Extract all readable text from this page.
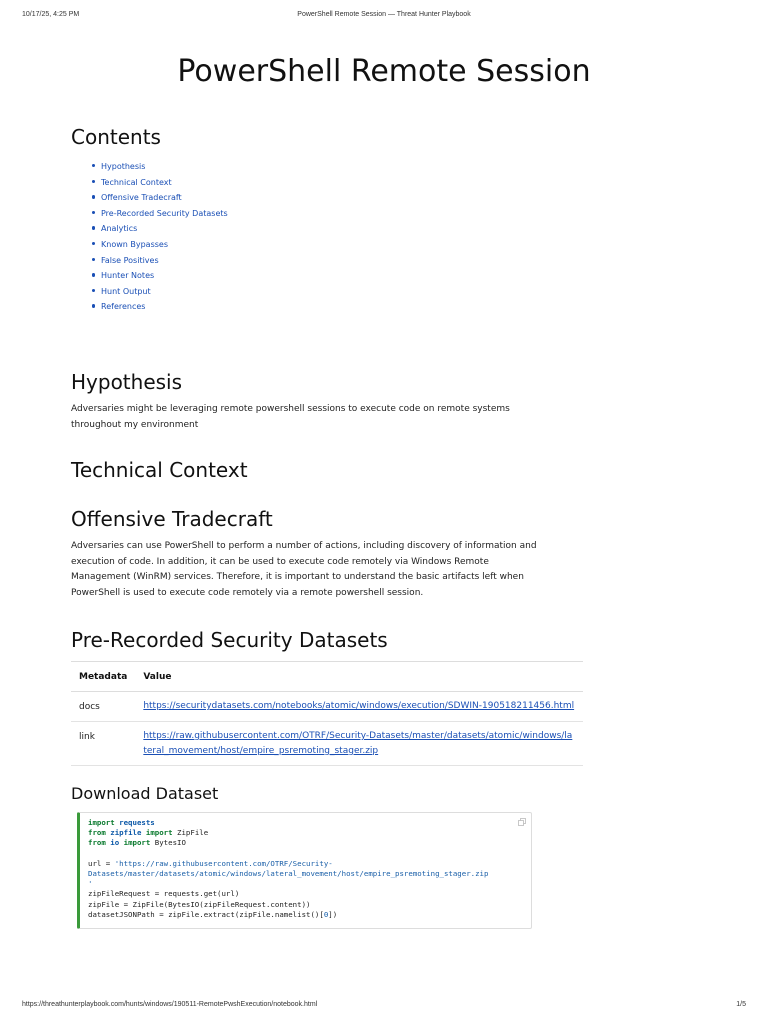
10/17/25, 4:25 PM	PowerShell Remote Session — Threat Hunter Playbook
PowerShell Remote Session
Contents
Hypothesis
Technical Context
Offensive Tradecraft
Pre-Recorded Security Datasets
Analytics
Known Bypasses
False Positives
Hunter Notes
Hunt Output
References
Hypothesis

Adversaries might be leveraging remote powershell sessions to execute code on remote systems throughout my environment

Technical Context
Offensive Tradecraft

Adversaries can use PowerShell to perform a number of actions, including discovery of information and execution of code. In addition, it can be used to execute code remotely via Windows Remote Management (WinRM) services. Therefore, it is important to understand the basic artifacts left when PowerShell is used to execute code remotely via a remote powershell session.

Pre-Recorded Security Datasets
Metadata	Value
docs	https://securitydatasets.com/notebooks/atomic/windows/execution/SDWIN-190518211456.html
link	https://raw.githubusercontent.com/OTRF/Security-Datasets/master/datasets/atomic/windows/lateral_movement/host/empire_psremoting_stager.zip
Download Dataset
import requests
from zipfile import ZipFile
from io import BytesIO

url = 'https://raw.githubusercontent.com/OTRF/Security-
Datasets/master/datasets/atomic/windows/lateral_movement/host/empire_psremoting_stager.zip
'
zipFileRequest = requests.get(url)
zipFile = ZipFile(BytesIO(zipFileRequest.content))
datasetJSONPath = zipFile.extract(zipFile.namelist()[0])
https://threathunterplaybook.com/hunts/windows/190511-RemotePwshExecution/notebook.html	1/5
